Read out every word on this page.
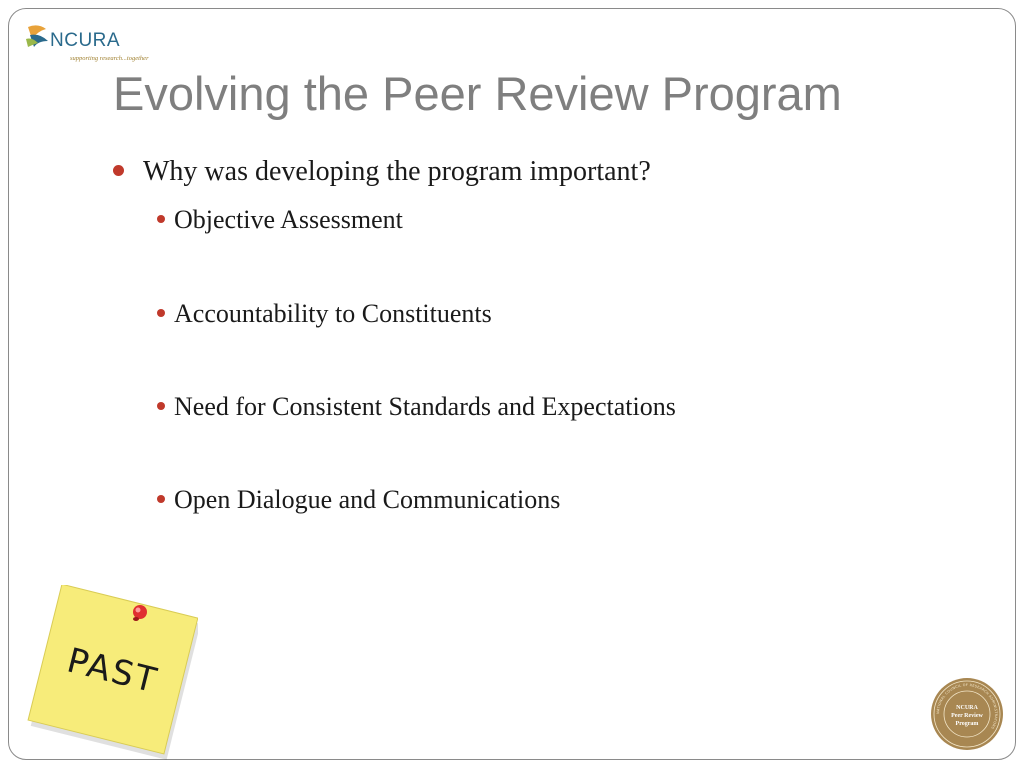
NCURA
supporting research...together
Evolving the Peer Review Program
Why was developing the program important?
Objective Assessment
Accountability to Constituents
Need for Consistent Standards and Expectations
Open Dialogue and Communications
PAST
NATIONAL COUNCIL OF RESEARCH ADMINISTRATORS
NCURA
Peer Review
Program
